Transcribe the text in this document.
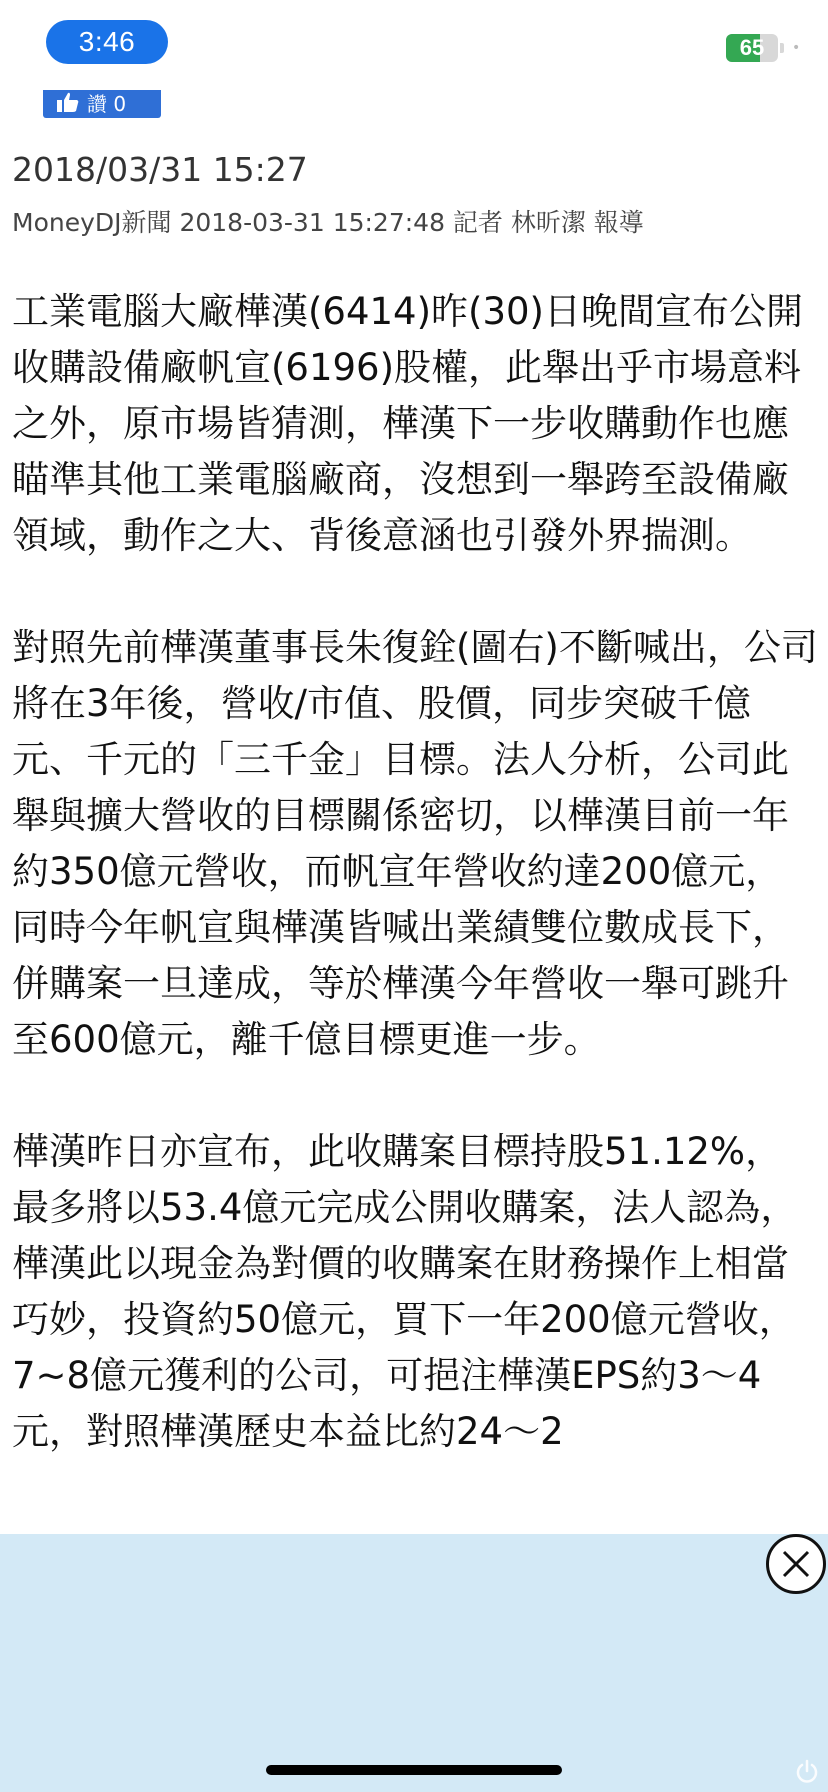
3:46	65	•
讚 0
2018/03/31 15:27
MoneyDJ新聞 2018-03-31 15:27:48 記者 林昕潔 報導

工業電腦大廠樺漢(6414)昨(30)日晚間宣布公開收購設備廠帆宣(6196)股權，此舉出乎市場意料之外，原市場皆猜測，樺漢下一步收購動作也應瞄準其他工業電腦廠商，沒想到一舉跨至設備廠領域，動作之大、背後意涵也引發外界揣測。

對照先前樺漢董事長朱復銓(圖右)不斷喊出，公司將在3年後，營收/市值、股價，同步突破千億元、千元的「三千金」目標。法人分析，公司此舉與擴大營收的目標關係密切，以樺漢目前一年約350億元營收，而帆宣年營收約達200億元，同時今年帆宣與樺漢皆喊出業績雙位數成長下，併購案一旦達成，等於樺漢今年營收一舉可跳升至600億元，離千億目標更進一步。

樺漢昨日亦宣布，此收購案目標持股51.12%，最多將以53.4億元完成公開收購案，法人認為，樺漢此以現金為對價的收購案在財務操作上相當巧妙，投資約50億元，買下一年200億元營收，7~8億元獲利的公司，可挹注樺漢EPS約3～4元，對照樺漢歷史本益比約24～2
